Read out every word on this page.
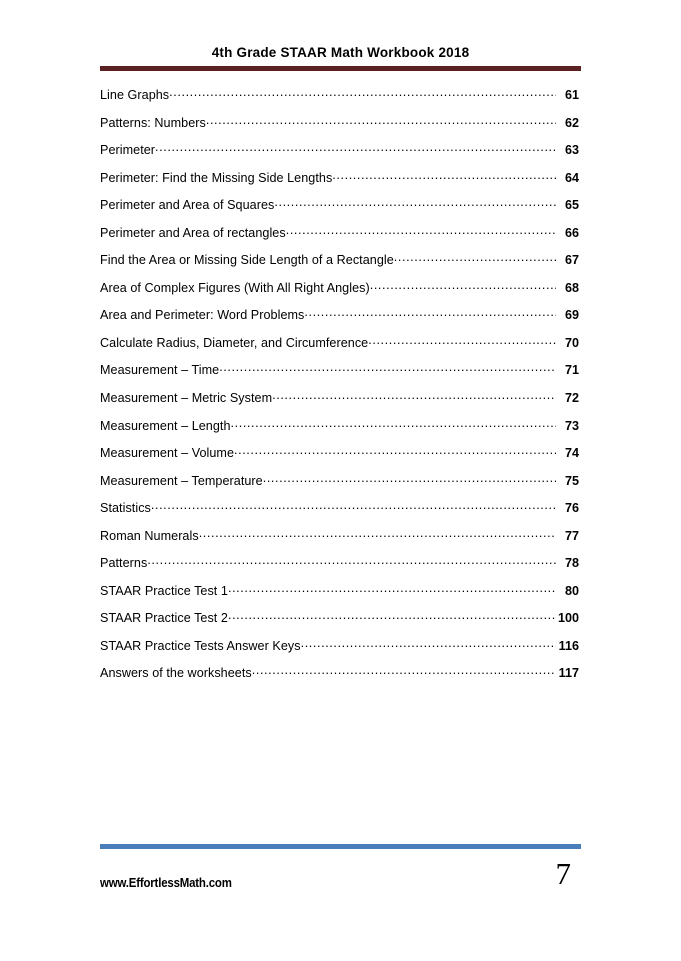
4th Grade STAAR Math Workbook 2018
Line Graphs .....	61
Patterns: Numbers .....	62
Perimeter .....	63
Perimeter: Find the Missing Side Lengths .....	64
Perimeter and Area of Squares .....	65
Perimeter and Area of rectangles .....	66
Find the Area or Missing Side Length of a Rectangle .....	67
Area of Complex Figures (With All Right Angles) .....	68
Area and Perimeter: Word Problems .....	69
Calculate Radius, Diameter, and Circumference .....	70
Measurement – Time .....	71
Measurement – Metric System .....	72
Measurement – Length .....	73
Measurement – Volume .....	74
Measurement – Temperature .....	75
Statistics .....	76
Roman Numerals .....	77
Patterns .....	78
STAAR Practice Test 1 .....	80
STAAR Practice Test 2 .....	100
STAAR Practice Tests Answer Keys .....	116
Answers of the worksheets .....	117
www.EffortlessMath.com	7
